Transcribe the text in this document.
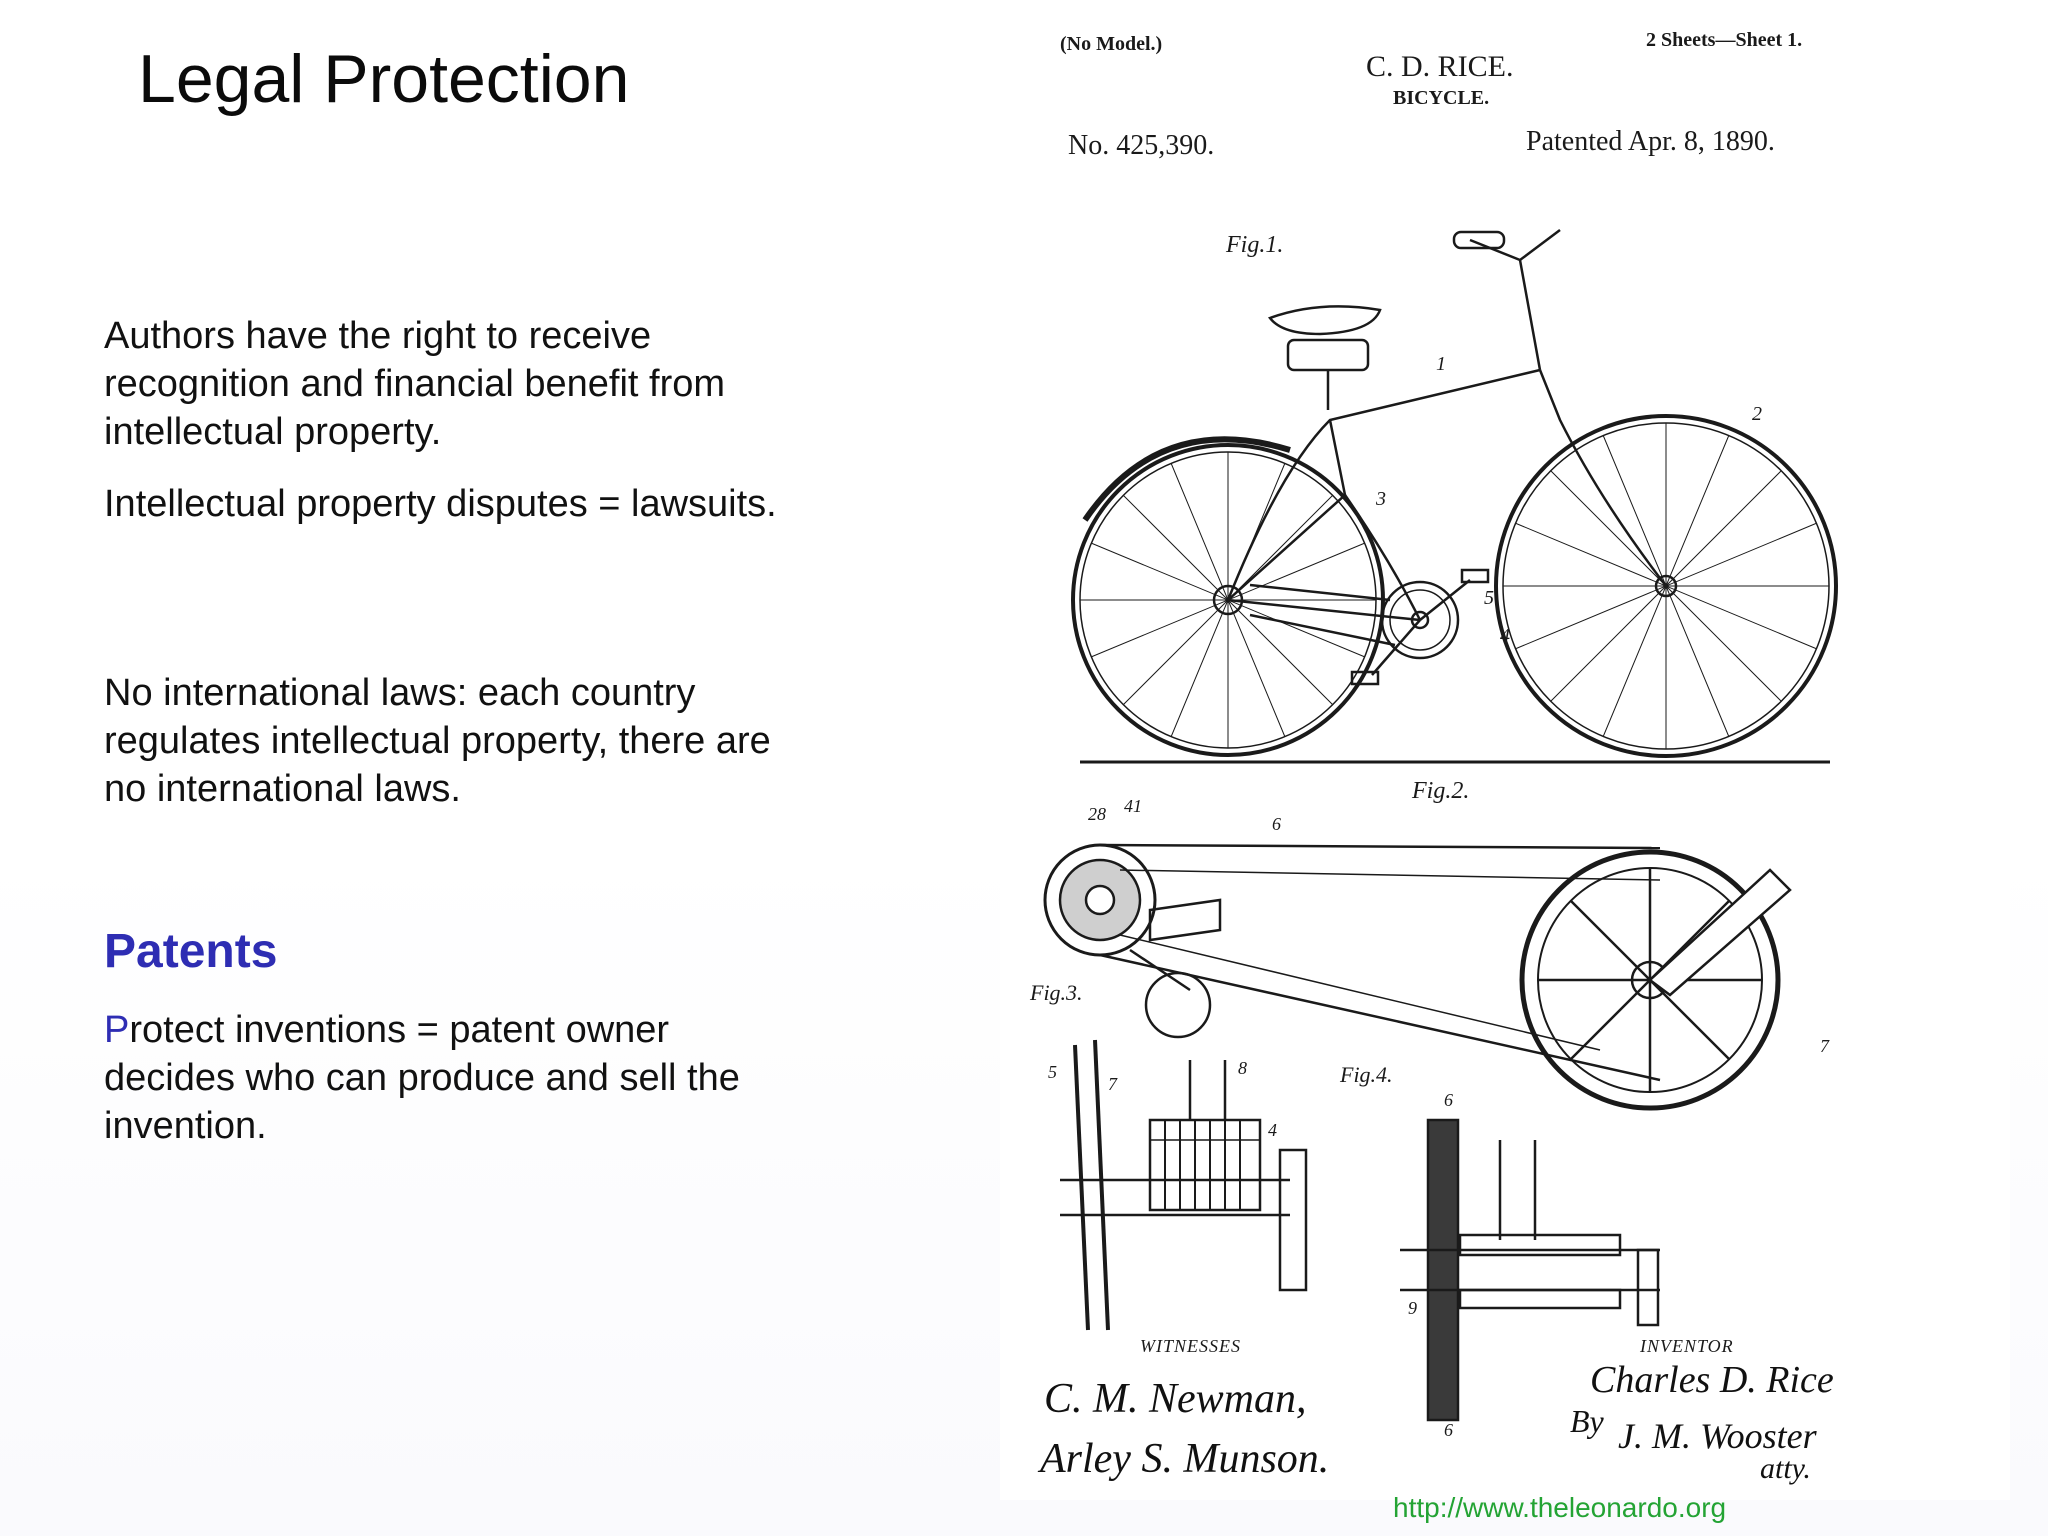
Legal Protection
Authors have the right to receive recognition and financial benefit from intellectual property.
Intellectual property disputes = lawsuits.
No international laws: each country regulates intellectual property, there are no international laws.
Patents
Protect inventions = patent owner decides who can produce and sell the invention.
(No Model.)	2 Sheets—Sheet 1.
C. D. RICE.
BICYCLE.
No. 425,390.	Patented Apr. 8, 1890.
Fig.1.
1
2
3
4
5
Fig.2.
6
28 41
7
Fig.3.
5
7
8
4
Fig.4.
6
6
9
WITNESSES	INVENTOR
C. M. Newman,
Arley S. Munson.
Charles D. Rice
By J. M. Wooster
atty.
http://www.theleonardo.org
